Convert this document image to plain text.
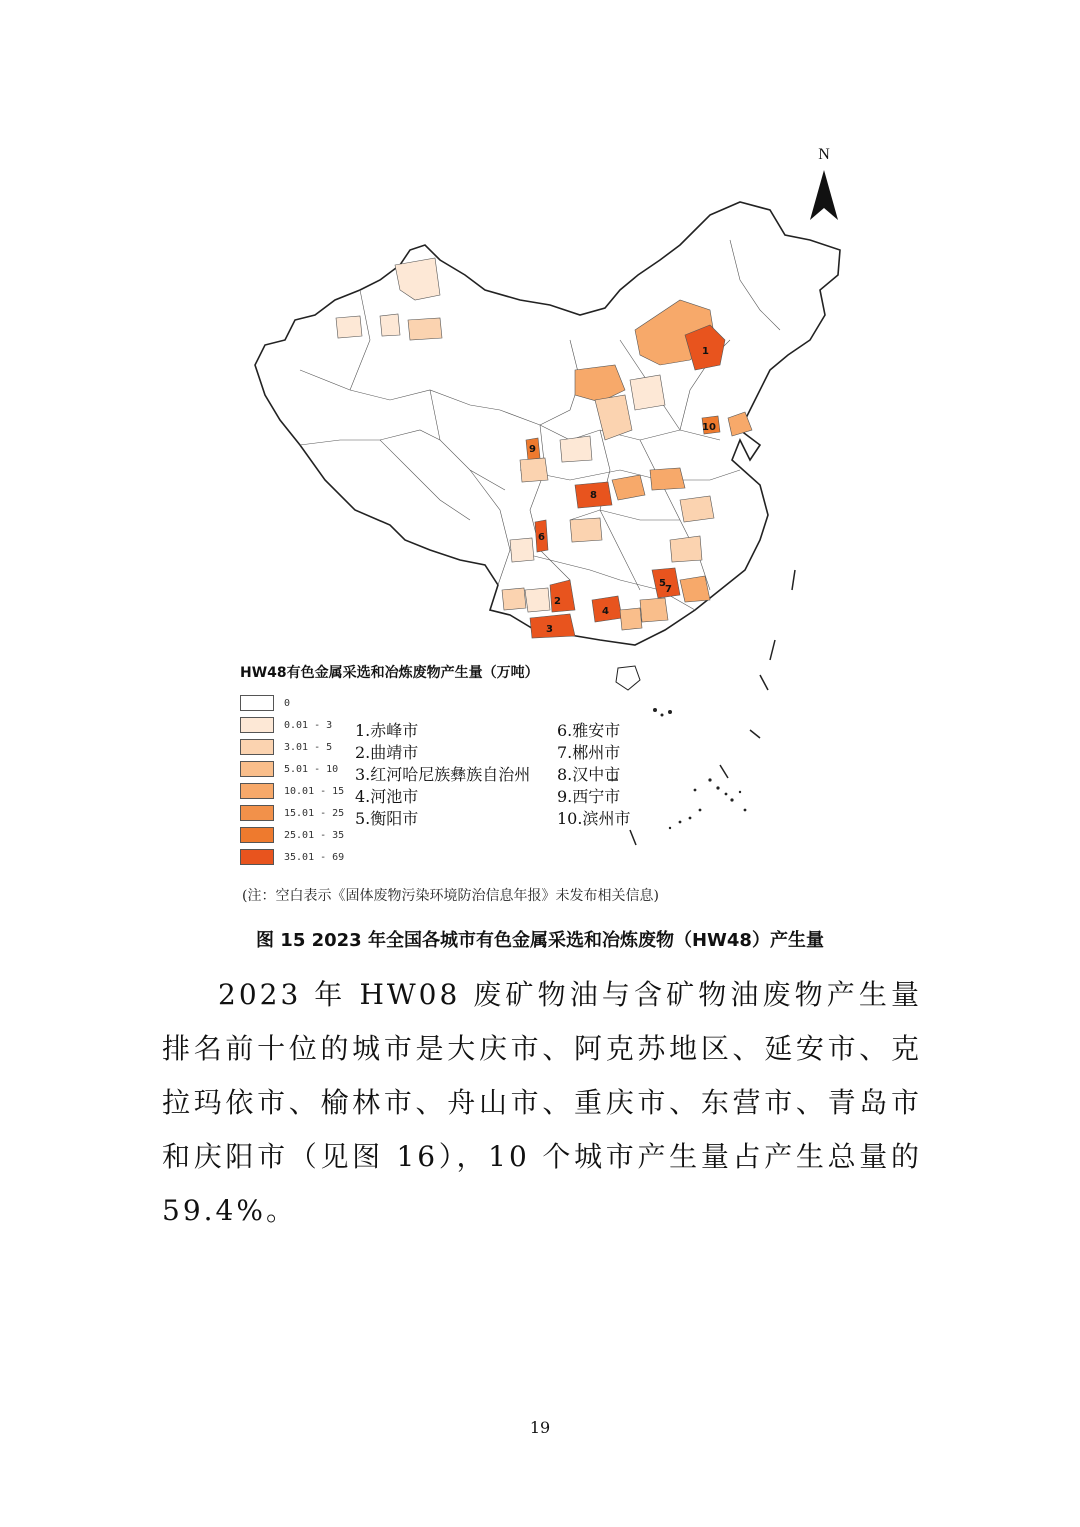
N
1
2
3
4
5
6
7
8
9
10
HW48有色金属采选和冶炼废物产生量（万吨）
0
0.01 - 3
3.01 - 5
5.01 - 10
10.01 - 15
15.01 - 25
25.01 - 35
35.01 - 69
1.赤峰市
2.曲靖市
3.红河哈尼族彝族自治州
4.河池市
5.衡阳市
6.雅安市
7.郴州市
8.汉中市
9.西宁市
10.滨州市
(注：空白表示《固体废物污染环境防治信息年报》未发布相关信息)
图 15 2023 年全国各城市有色金属采选和冶炼废物（HW48）产生量

2023 年 HW08 废矿物油与含矿物油废物产生量排名前十位的城市是大庆市、阿克苏地区、延安市、克拉玛依市、榆林市、舟山市、重庆市、东营市、青岛市和庆阳市（见图 16），10 个城市产生量占产生总量的 59.4%。

19
